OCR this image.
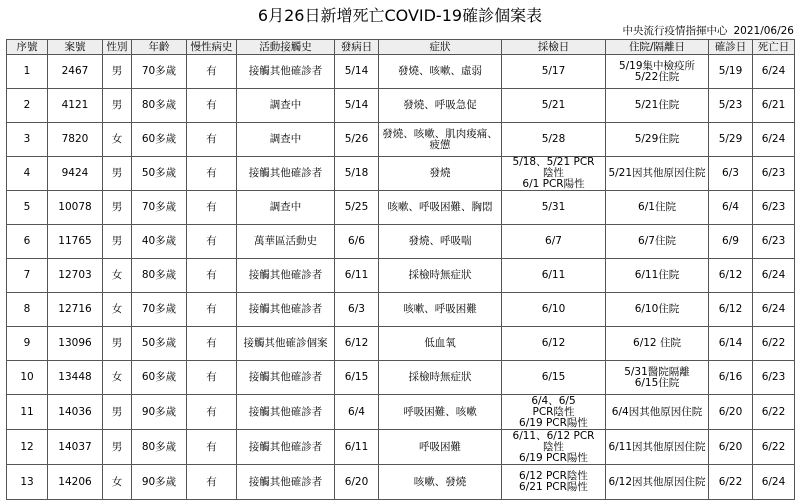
6月26日新增死亡COVID-19確診個案表
中央流行疫情指揮中心 2021/06/26
序號	案號	性別	年齡	慢性病史	活動接觸史	發病日	症狀	採檢日	住院/隔離日	確診日	死亡日
1	2467	男	70多歲	有	接觸其他確診者	5/14	發燒、咳嗽、虛弱	5/17	5/19集中檢疫所
5/22住院	5/19	6/24
2	4121	男	80多歲	有	調查中	5/14	發燒、呼吸急促	5/21	5/21住院	5/23	6/21
3	7820	女	60多歲	有	調查中	5/26	發燒、咳嗽、肌肉痠痛、疲憊	5/28	5/29住院	5/29	6/24
4	9424	男	50多歲	有	接觸其他確診者	5/18	發燒	5/18、5/21 PCR
陰性
6/1 PCR陽性	5/21因其他原因住院	6/3	6/23
5	10078	男	70多歲	有	調查中	5/25	咳嗽、呼吸困難、胸悶	5/31	6/1住院	6/4	6/23
6	11765	男	40多歲	有	萬華區活動史	6/6	發燒、呼吸喘	6/7	6/7住院	6/9	6/23
7	12703	女	80多歲	有	接觸其他確診者	6/11	採檢時無症狀	6/11	6/11住院	6/12	6/24
8	12716	女	70多歲	有	接觸其他確診者	6/3	咳嗽、呼吸困難	6/10	6/10住院	6/12	6/24
9	13096	男	50多歲	有	接觸其他確診個案	6/12	低血氧	6/12	6/12 住院	6/14	6/22
10	13448	女	60多歲	有	接觸其他確診者	6/15	採檢時無症狀	6/15	5/31醫院隔離
6/15住院	6/16	6/23
11	14036	男	90多歲	有	接觸其他確診者	6/4	呼吸困難、咳嗽	6/4、6/5
PCR陰性
6/19 PCR陽性	6/4因其他原因住院	6/20	6/22
12	14037	男	80多歲	有	接觸其他確診者	6/11	呼吸困難	6/11、6/12 PCR
陰性
6/19 PCR陽性	6/11因其他原因住院	6/20	6/22
13	14206	女	90多歲	有	接觸其他確診者	6/20	咳嗽、發燒	6/12 PCR陰性
6/21 PCR陽性	6/12因其他原因住院	6/22	6/24
